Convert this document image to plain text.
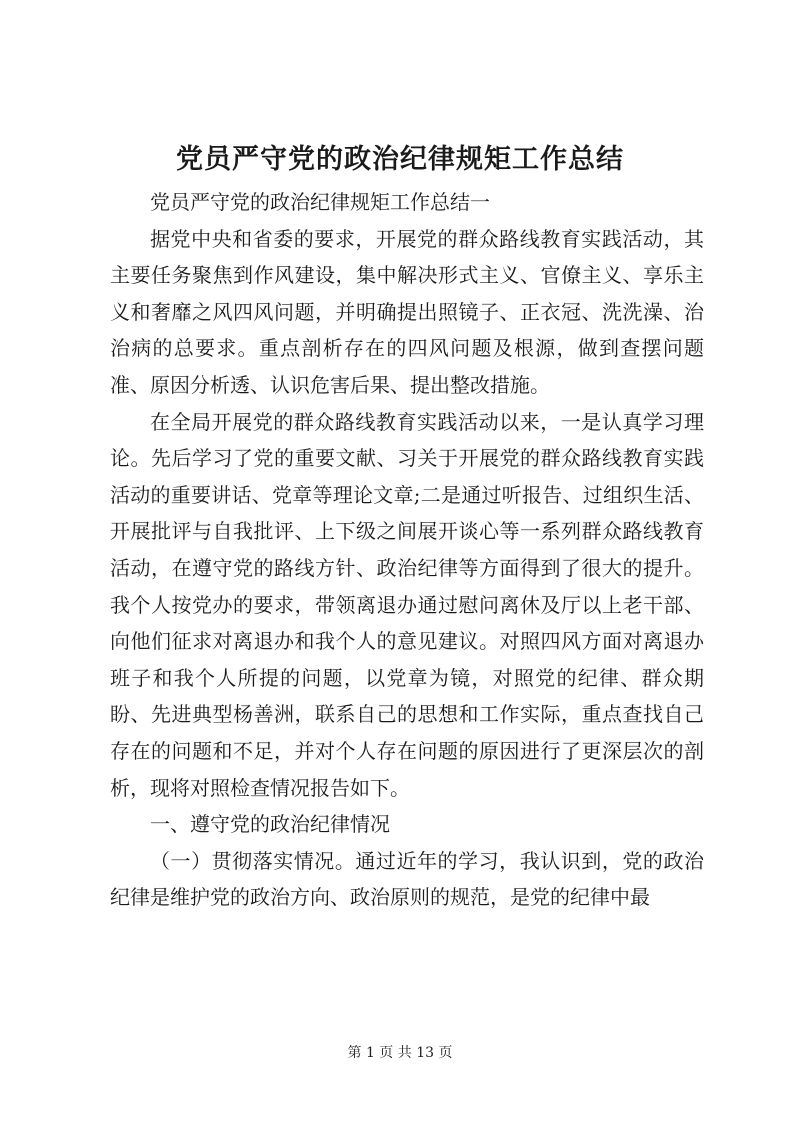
党员严守党的政治纪律规矩工作总结

党员严守党的政治纪律规矩工作总结一

据党中央和省委的要求，开展党的群众路线教育实践活动，其主要任务聚焦到作风建设，集中解决形式主义、官僚主义、享乐主义和奢靡之风四风问题，并明确提出照镜子、正衣冠、洗洗澡、治治病的总要求。重点剖析存在的四风问题及根源，做到查摆问题准、原因分析透、认识危害后果、提出整改措施。

在全局开展党的群众路线教育实践活动以来，一是认真学习理论。先后学习了党的重要文献、习关于开展党的群众路线教育实践活动的重要讲话、党章等理论文章;二是通过听报告、过组织生活、开展批评与自我批评、上下级之间展开谈心等一系列群众路线教育活动，在遵守党的路线方针、政治纪律等方面得到了很大的提升。我个人按党办的要求，带领离退办通过慰问离休及厅以上老干部、向他们征求对离退办和我个人的意见建议。对照四风方面对离退办班子和我个人所提的问题，以党章为镜，对照党的纪律、群众期盼、先进典型杨善洲，联系自己的思想和工作实际，重点查找自己存在的问题和不足，并对个人存在问题的原因进行了更深层次的剖析，现将对照检查情况报告如下。

一、遵守党的政治纪律情况

（一）贯彻落实情况。通过近年的学习，我认识到，党的政治纪律是维护党的政治方向、政治原则的规范，是党的纪律中最

第 1 页 共 13 页
